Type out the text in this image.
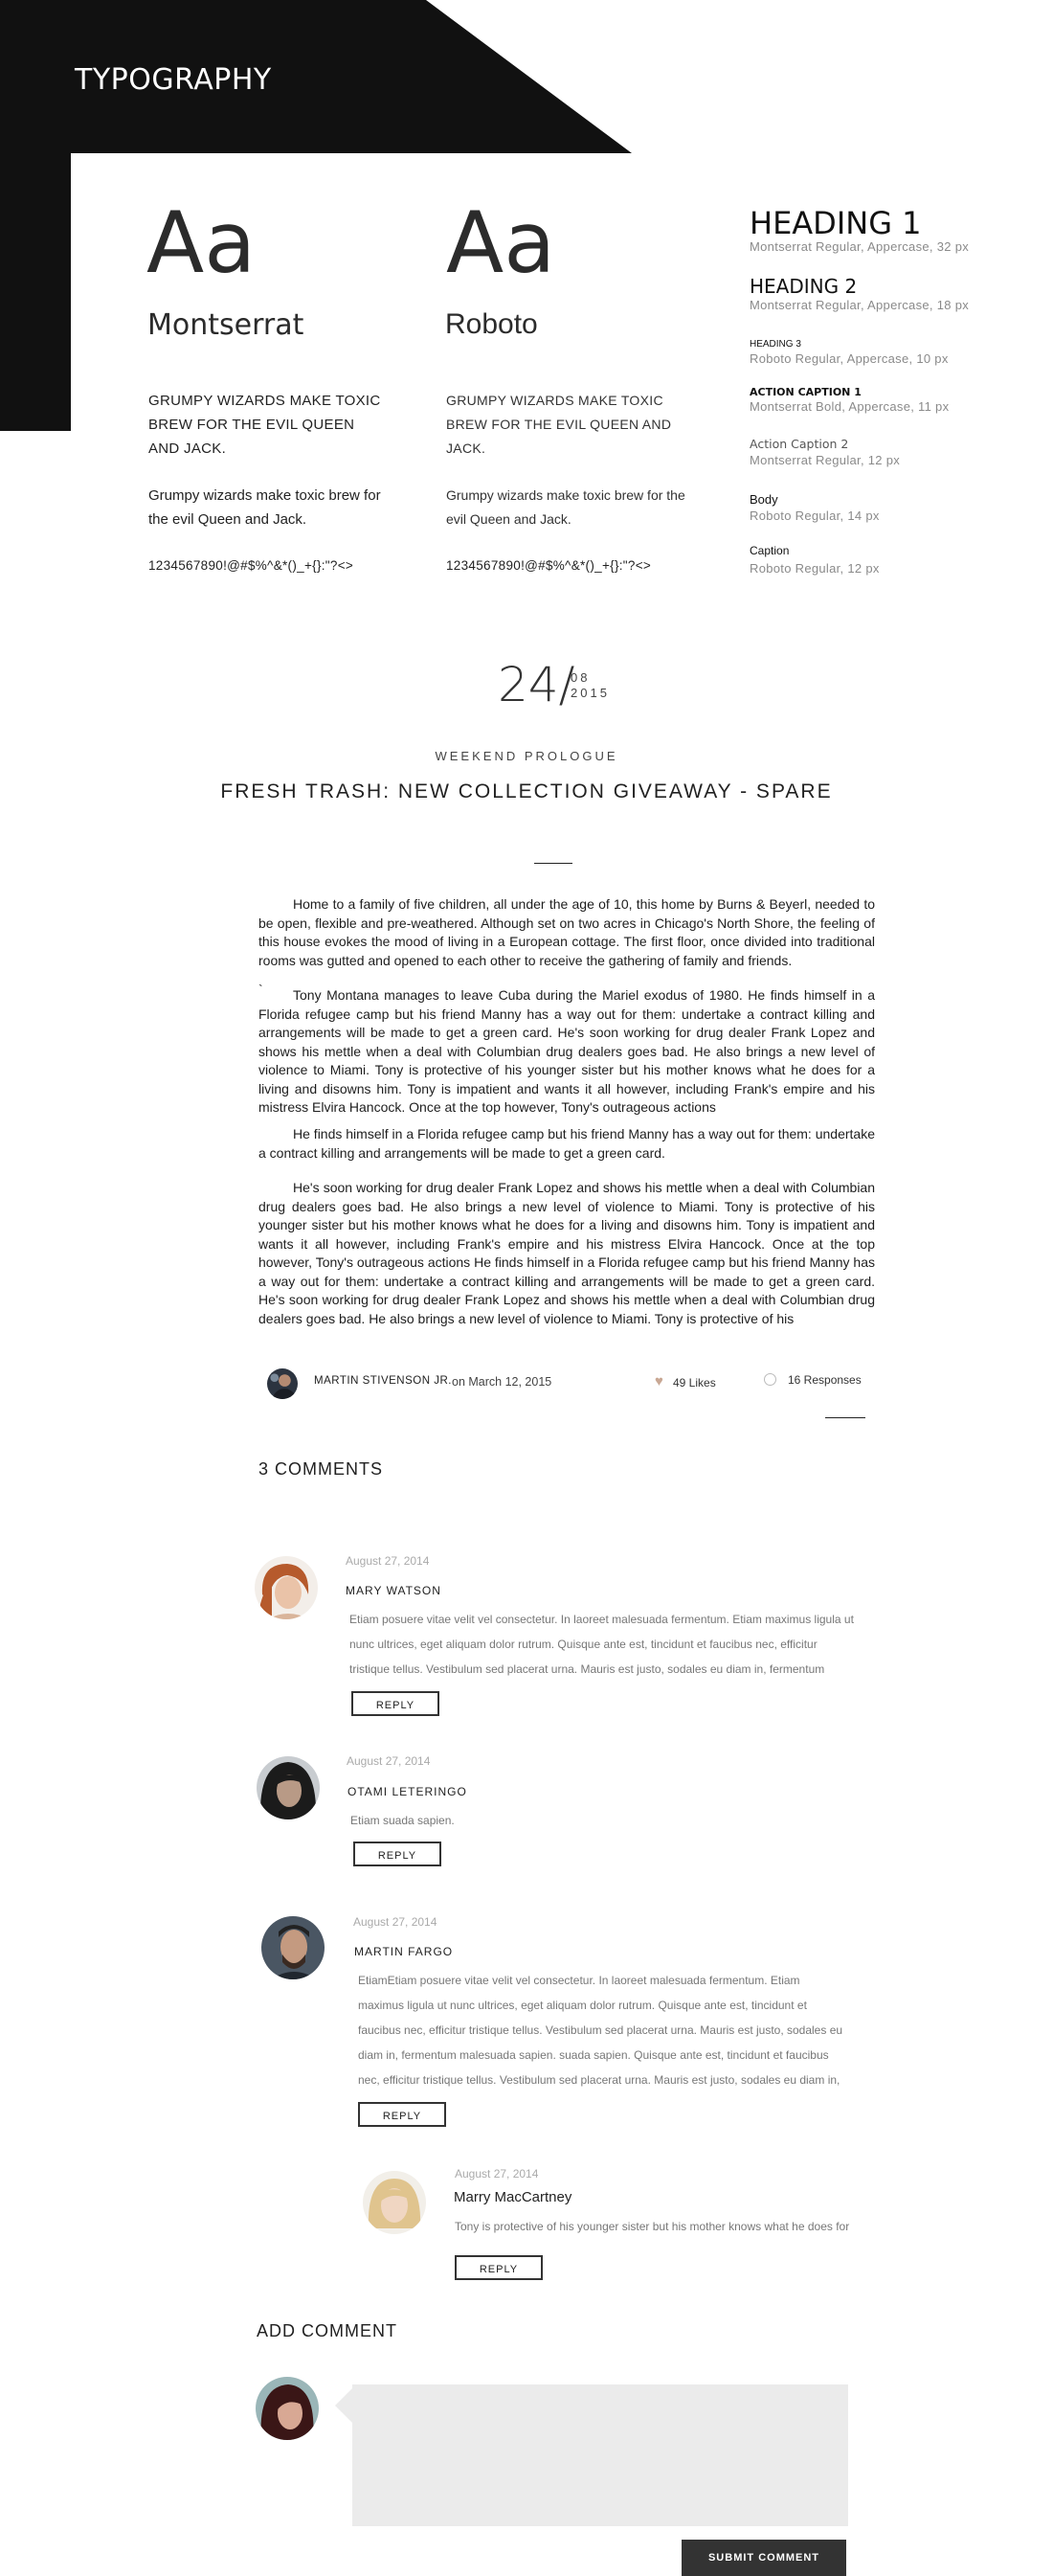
TYPOGRAPHY
Aa
Montserrat
GRUMPY WIZARDS MAKE TOXIC BREW FOR THE EVIL QUEEN AND JACK.
Grumpy wizards make toxic brew for the evil Queen and Jack.
1234567890!@#$%^&*()_+{}:"?<>
Aa
Roboto
GRUMPY WIZARDS MAKE TOXIC BREW FOR THE EVIL QUEEN AND JACK.
Grumpy wizards make toxic brew for the evil Queen and Jack.
1234567890!@#$%^&*()_+{}:"?<>
HEADING 1
Montserrat Regular, Appercase, 32 px
HEADING 2
Montserrat Regular, Appercase, 18 px
HEADING 3
Roboto Regular, Appercase, 10 px
ACTION CAPTION 1
Montserrat Bold, Appercase, 11 px
Action Caption 2
Montserrat Regular, 12 px
Body
Roboto Regular, 14 px
Caption
Roboto Regular, 12 px
24/
08
2015
WEEKEND PROLOGUE
FRESH TRASH: NEW COLLECTION GIVEAWAY - SPARE

Home to a family of five children, all under the age of 10, this home by Burns & Beyerl, needed to be open, flexible and pre-weathered. Although set on two acres in Chicago's North Shore, the feeling of this house evokes the mood of living in a European cottage. The first floor, once divided into traditional rooms was gutted and opened to each other to receive the gathering of family and friends.

`	Tony Montana manages to leave Cuba during the Mariel exodus of 1980. He finds himself in a Florida refugee camp but his friend Manny has a way out for them: undertake a contract killing and arrangements will be made to get a green card. He's soon working for drug dealer Frank Lopez and shows his mettle when a deal with Columbian drug dealers goes bad. He also brings a new level of violence to Miami. Tony is protective of his younger sister but his mother knows what he does for a living and disowns him. Tony is impatient and wants it all however, including Frank's empire and his mistress Elvira Hancock. Once at the top however, Tony's outrageous actions

He finds himself in a Florida refugee camp but his friend Manny has a way out for them: undertake a contract killing and arrangements will be made to get a green card.

He's soon working for drug dealer Frank Lopez and shows his mettle when a deal with Columbian drug dealers goes bad. He also brings a new level of violence to Miami. Tony is protective of his younger sister but his mother knows what he does for a living and disowns him. Tony is impatient and wants it all however, including Frank's empire and his mistress Elvira Hancock. Once at the top however, Tony's outrageous actions He finds himself in a Florida refugee camp but his friend Manny has a way out for them: undertake a contract killing and arrangements will be made to get a green card. He's soon working for drug dealer Frank Lopez and shows his mettle when a deal with Columbian drug dealers goes bad. He also brings a new level of violence to Miami. Tony is protective of his

MARTIN STIVENSON JR. on March 12, 2015	♥ 49 Likes	16 Responses
3 COMMENTS
August 27, 2014
MARY WATSON
Etiam posuere vitae velit vel consectetur. In laoreet malesuada fermentum. Etiam maximus ligula ut
nunc ultrices, eget aliquam dolor rutrum. Quisque ante est, tincidunt et faucibus nec, efficitur
tristique tellus. Vestibulum sed placerat urna. Mauris est justo, sodales eu diam in, fermentum
REPLY
August 27, 2014
OTAMI LETERINGO
Etiam suada sapien.
REPLY
August 27, 2014
MARTIN FARGO
EtiamEtiam posuere vitae velit vel consectetur. In laoreet malesuada fermentum. Etiam
maximus ligula ut nunc ultrices, eget aliquam dolor rutrum. Quisque ante est, tincidunt et
faucibus nec, efficitur tristique tellus. Vestibulum sed placerat urna. Mauris est justo, sodales eu
diam in, fermentum malesuada sapien. suada sapien. Quisque ante est, tincidunt et faucibus
nec, efficitur tristique tellus. Vestibulum sed placerat urna. Mauris est justo, sodales eu diam in,
REPLY
August 27, 2014
Marry MacCartney
Tony is protective of his younger sister but his mother knows what he does for
REPLY
ADD COMMENT
SUBMIT COMMENT
